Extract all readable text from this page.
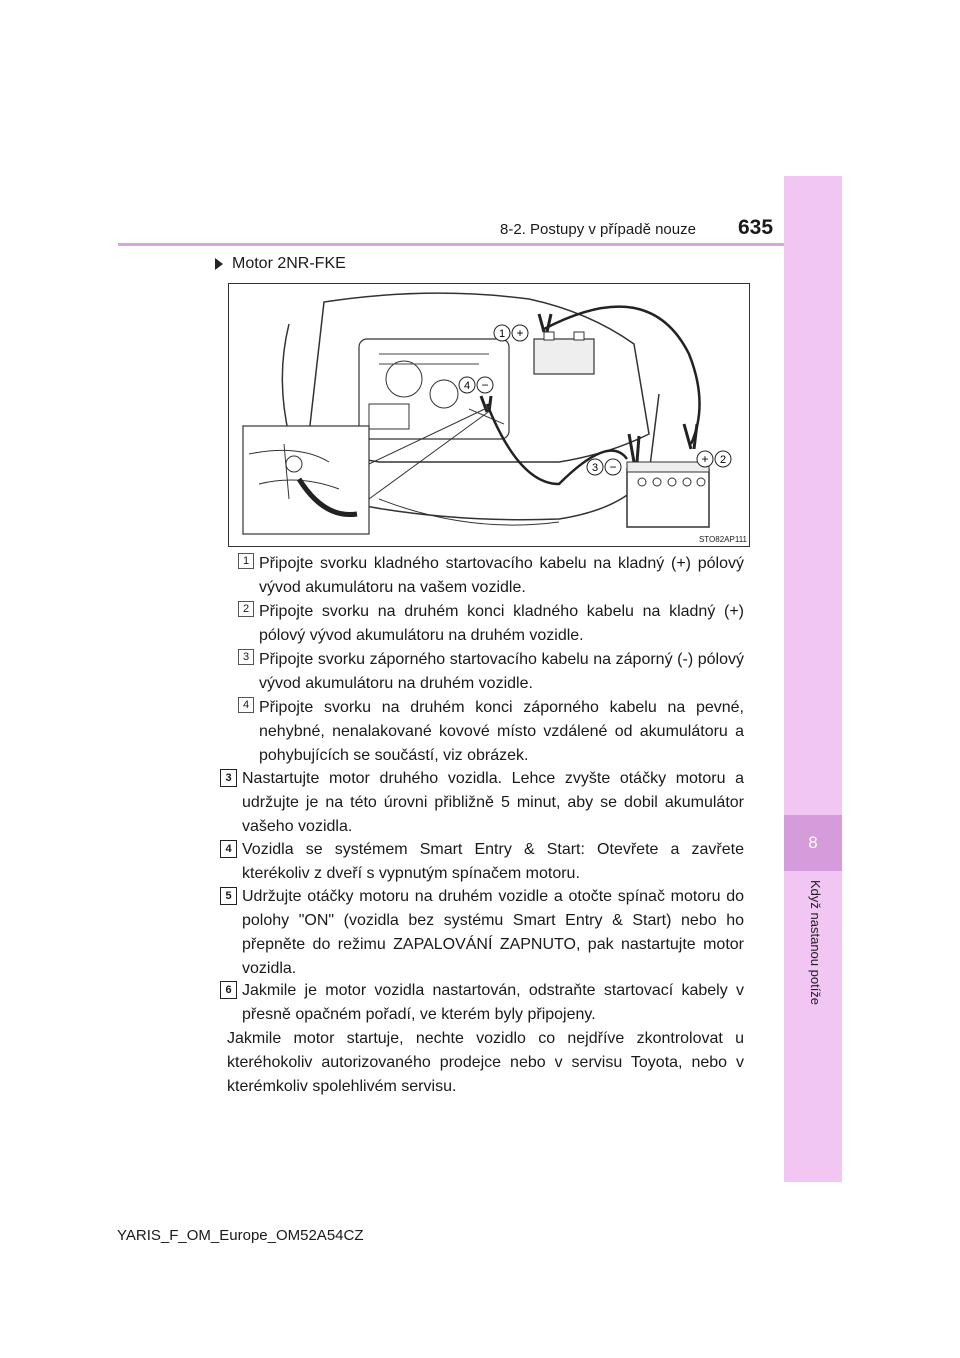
8-2. Postupy v případě nouze 635
8
Když nastanou potíže
Motor 2NR-FKE
1 +
+ 2
3 −
4 −
STO82AP111
1 Připojte svorku kladného startovacího kabelu na kladný (+) pólový vývod akumulátoru na vašem vozidle.

2 Připojte svorku na druhém konci kladného kabelu na kladný (+) pólový vývod akumulátoru na druhém vozidle.

3 Připojte svorku záporného startovacího kabelu na záporný (-) pólový vývod akumulátoru na druhém vozidle.

4 Připojte svorku na druhém konci záporného kabelu na pevné, nehybné, nenalakované kovové místo vzdálené od akumulátoru a pohybujících se součástí, viz obrázek.

3 Nastartujte motor druhého vozidla. Lehce zvyšte otáčky motoru a udržujte je na této úrovni přibližně 5 minut, aby se dobil akumulátor vašeho vozidla.

4 Vozidla se systémem Smart Entry & Start: Otevřete a zavřete kterékoliv z dveří s vypnutým spínačem motoru.

5 Udržujte otáčky motoru na druhém vozidle a otočte spínač motoru do polohy "ON" (vozidla bez systému Smart Entry & Start) nebo ho přepněte do režimu ZAPALOVÁNÍ ZAPNUTO, pak nastartujte motor vozidla.

6 Jakmile je motor vozidla nastartován, odstraňte startovací kabely v přesně opačném pořadí, ve kterém byly připojeny.

Jakmile motor startuje, nechte vozidlo co nejdříve zkontrolovat u kteréhokoliv autorizovaného prodejce nebo v servisu Toyota, nebo v kterémkoliv spolehlivém servisu.

YARIS_F_OM_Europe_OM52A54CZ
